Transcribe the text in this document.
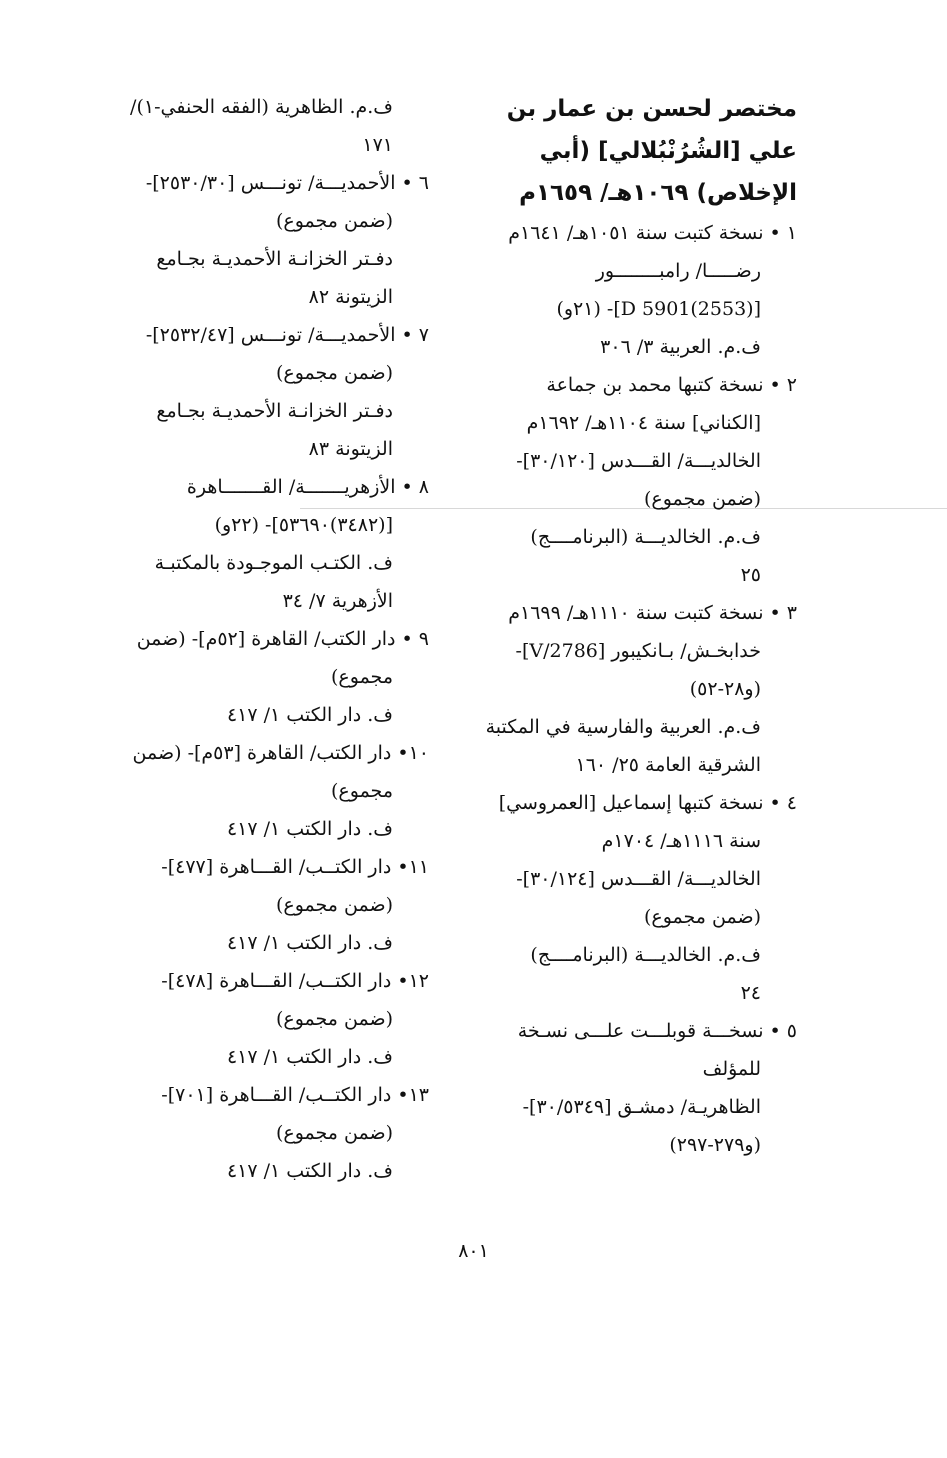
مختصر لحسن بن عمار بن
علي [الشُرُنْبُلالي] (أبي
الإخلاص) ١٠٦٩هـ/ ١٦٥٩م
١ • نسخة كتبت سنة ١٠٥١هـ/ ١٦٤١م
رضـــــا/ رامبــــــــور
[D 5901(2553)]- (٢١و)
ف.م. العربية ٣/ ٣٠٦
٢ • نسخة كتبها محمد بن جماعة
[الكناني] سنة ١١٠٤هـ/ ١٦٩٢م
الخالديـــة/ القـــدس [٣٠/١٢٠]-
(ضمن مجموع)
ف.م. الخالديـــة (البرنامــــج)
٢٥
٣ • نسخة كتبت سنة ١١١٠هـ/ ١٦٩٩م
خدابخـش/ بـانكيبور [2786/V]-
(و٢٨-٥٢)
ف.م. العربية والفارسية في المكتبة
الشرقية العامة ٢٥/ ١٦٠
٤ • نسخة كتبها إسماعيل [العمروسي]
سنة ١١١٦هـ/ ١٧٠٤م
الخالديـــة/ القـــدس [٣٠/١٢٤]-
(ضمن مجموع)
ف.م. الخالديـــة (البرنامــــج)
٢٤
٥ • نسخـــة قوبلـــت علـــى نسـخة
للمؤلف
الظاهريـة/ دمشـق [٣٠/٥٣٤٩]-
(و٢٧٩-٢٩٧)
ف.م. الظاهرية (الفقه الحنفي-١)/
١٧١
٦ • الأحمديـــة/ تونـــس [٢٥٣٠/٣٠]-
(ضمن مجموع)
دفـتر الخزانـة الأحمديـة بجـامع
الزيتونة ٨٢
٧ • الأحمديـــة/ تونـــس [٢٥٣٢/٤٧]-
(ضمن مجموع)
دفـتر الخزانـة الأحمديـة بجـامع
الزيتونة ٨٣
٨ • الأزهريـــــــة/ القـــــــاهرة
[(٣٤٨٢)٥٣٦٩٠]- (٢٢و)
ف. الكتـب الموجـودة بالمكتبـة
الأزهرية ٧/ ٣٤
٩ • دار الكتب/ القاهرة [٥٢م]- (ضمن
مجموع)
ف. دار الكتب ١/ ٤١٧
١٠• دار الكتب/ القاهرة [٥٣م]- (ضمن
مجموع)
ف. دار الكتب ١/ ٤١٧
١١• دار الكتــب/ القـــاهرة [٤٧٧]-
(ضمن مجموع)
ف. دار الكتب ١/ ٤١٧
١٢• دار الكتــب/ القـــاهرة [٤٧٨]-
(ضمن مجموع)
ف. دار الكتب ١/ ٤١٧
١٣• دار الكتــب/ القـــاهرة [٧٠١]-
(ضمن مجموع)
ف. دار الكتب ١/ ٤١٧
٨٠١
